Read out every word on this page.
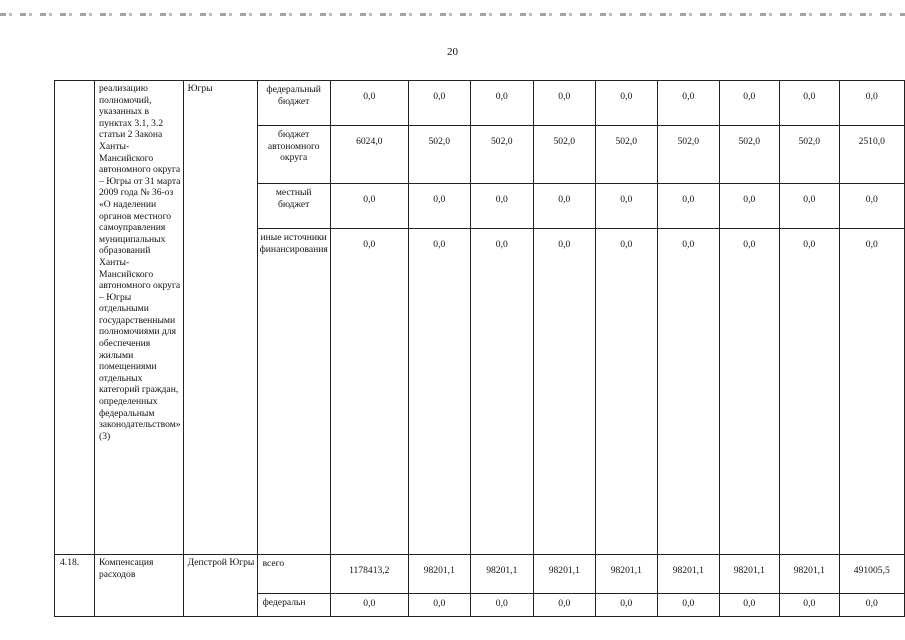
20
	реализацию полномочий, указанных в пунктах 3.1, 3.2 статьи 2 Закона Ханты-Мансийского автономного округа – Югры от 31 марта 2009 года № 36-оз «О наделении органов местного самоуправления муниципальных образований Ханты-Мансийского автономного округа – Югры отдельными государственными полномочиями для обеспечения жилыми помещениями отдельных категорий граждан, определенных федеральным законодательством» (3)	Югры	федеральный бюджет	0,0	0,0	0,0	0,0	0,0	0,0	0,0	0,0	0,0
			бюджет автономного округа	6024,0	502,0	502,0	502,0	502,0	502,0	502,0	502,0	2510,0
			местный бюджет	0,0	0,0	0,0	0,0	0,0	0,0	0,0	0,0	0,0
			иные источники финансирования	0,0	0,0	0,0	0,0	0,0	0,0	0,0	0,0	0,0
4.18.	Компенсация расходов	Депстрой Югры	всего	1178413,2	98201,1	98201,1	98201,1	98201,1	98201,1	98201,1	98201,1	491005,5
			федеральн	0,0	0,0	0,0	0,0	0,0	0,0	0,0	0,0	0,0
